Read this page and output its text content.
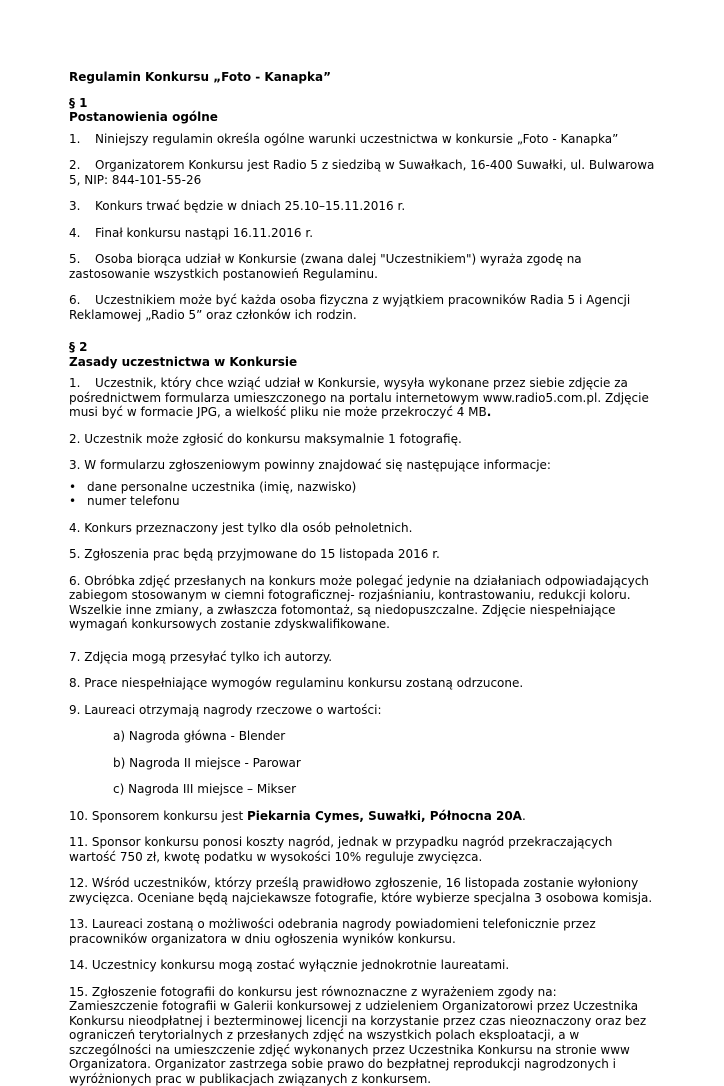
Regulamin Konkursu „Foto - Kanapka”

§ 1

Postanowienia ogólne

1. Niniejszy regulamin określa ogólne warunki uczestnictwa w konkursie „Foto - Kanapka”

2. Organizatorem Konkursu jest Radio 5 z siedzibą w Suwałkach, 16-400 Suwałki, ul. Bulwarowa 5, NIP: 844-101-55-26

3. Konkurs trwać będzie w dniach 25.10–15.11.2016 r.

4. Finał konkursu nastąpi 16.11.2016 r.

5. Osoba biorąca udział w Konkursie (zwana dalej "Uczestnikiem") wyraża zgodę na zastosowanie wszystkich postanowień Regulaminu.

6. Uczestnikiem może być każda osoba fizyczna z wyjątkiem pracowników Radia 5 i Agencji Reklamowej „Radio 5” oraz członków ich rodzin.

§ 2

Zasady uczestnictwa w Konkursie

1. Uczestnik, który chce wziąć udział w Konkursie, wysyła wykonane przez siebie zdjęcie za pośrednictwem formularza umieszczonego na portalu internetowym www.radio5.com.pl. Zdjęcie musi być w formacie JPG, a wielkość pliku nie może przekroczyć 4 MB.

2. Uczestnik może zgłosić do konkursu maksymalnie 1 fotografię.

3. W formularzu zgłoszeniowym powinny znajdować się następujące informacje:

• dane personalne uczestnika (imię, nazwisko)
• numer telefonu

4. Konkurs przeznaczony jest tylko dla osób pełnoletnich.

5. Zgłoszenia prac będą przyjmowane do 15 listopada 2016 r.

6. Obróbka zdjęć przesłanych na konkurs może polegać jedynie na działaniach odpowiadających zabiegom stosowanym w ciemni fotograficznej- rozjaśnianiu, kontrastowaniu, redukcji koloru. Wszelkie inne zmiany, a zwłaszcza fotomontaż, są niedopuszczalne. Zdjęcie niespełniające wymagań konkursowych zostanie zdyskwalifikowane.

7. Zdjęcia mogą przesyłać tylko ich autorzy.

8. Prace niespełniające wymogów regulaminu konkursu zostaną odrzucone.

9. Laureaci otrzymają nagrody rzeczowe o wartości:

a) Nagroda główna - Blender

b) Nagroda II miejsce - Parowar

c) Nagroda III miejsce – Mikser

10. Sponsorem konkursu jest Piekarnia Cymes, Suwałki, Północna 20A.

11. Sponsor konkursu ponosi koszty nagród, jednak w przypadku nagród przekraczających wartość 750 zł, kwotę podatku w wysokości 10% reguluje zwycięzca.

12. Wśród uczestników, którzy prześlą prawidłowo zgłoszenie, 16 listopada zostanie wyłoniony zwycięzca. Oceniane będą najciekawsze fotografie, które wybierze specjalna 3 osobowa komisja.

13. Laureaci zostaną o możliwości odebrania nagrody powiadomieni telefonicznie przez pracowników organizatora w dniu ogłoszenia wyników konkursu.

14. Uczestnicy konkursu mogą zostać wyłącznie jednokrotnie laureatami.

15. Zgłoszenie fotografii do konkursu jest równoznaczne z wyrażeniem zgody na:

Zamieszczenie fotografii w Galerii konkursowej z udzieleniem Organizatorowi przez Uczestnika Konkursu nieodpłatnej i bezterminowej licencji na korzystanie przez czas nieoznaczony oraz bez ograniczeń terytorialnych z przesłanych zdjęć na wszystkich polach eksploatacji, a w szczególności na umieszczenie zdjęć wykonanych przez Uczestnika Konkursu na stronie www Organizatora. Organizator zastrzega sobie prawo do bezpłatnej reprodukcji nagrodzonych i wyróżnionych prac w publikacjach związanych z konkursem.
